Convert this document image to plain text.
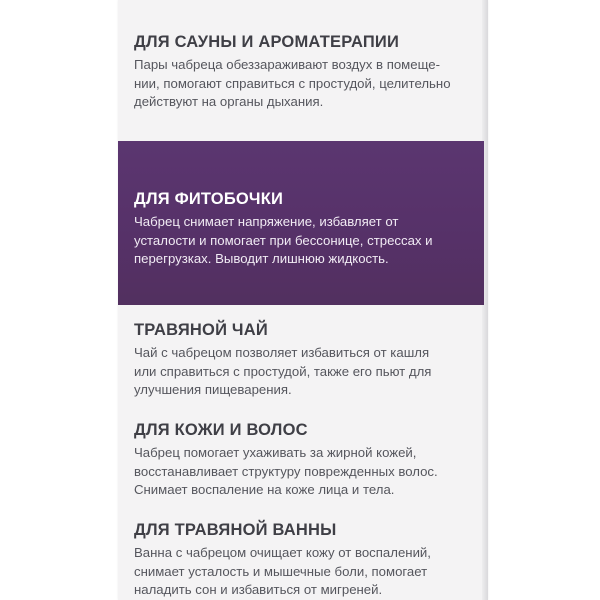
ДЛЯ САУНЫ И АРОМАТЕРАПИИ
Пары чабреца обеззараживают воздух в помеще-
нии, помогают справиться с простудой, целительно
действуют на органы дыхания.
ТРАВЯНОЙ ЧАЙ
Чай с чабрецом позволяет избавиться от кашля
или справиться с простудой, также его пьют для
улучшения пищеварения.
ДЛЯ КОЖИ И ВОЛОС
Чабрец помогает ухаживать за жирной кожей,
восстанавливает структуру поврежденных волос.
Снимает воспаление на коже лица и тела.
ДЛЯ ТРАВЯНОЙ ВАННЫ
Ванна с чабрецом очищает кожу от воспалений,
снимает усталость и мышечные боли, помогает
наладить сон и избавиться от мигреней.
ДЛЯ ФИТОБОЧКИ
Чабрец снимает напряжение, избавляет от
усталости и помогает при бессонице, стрессах и
перегрузках. Выводит лишнюю жидкость.
